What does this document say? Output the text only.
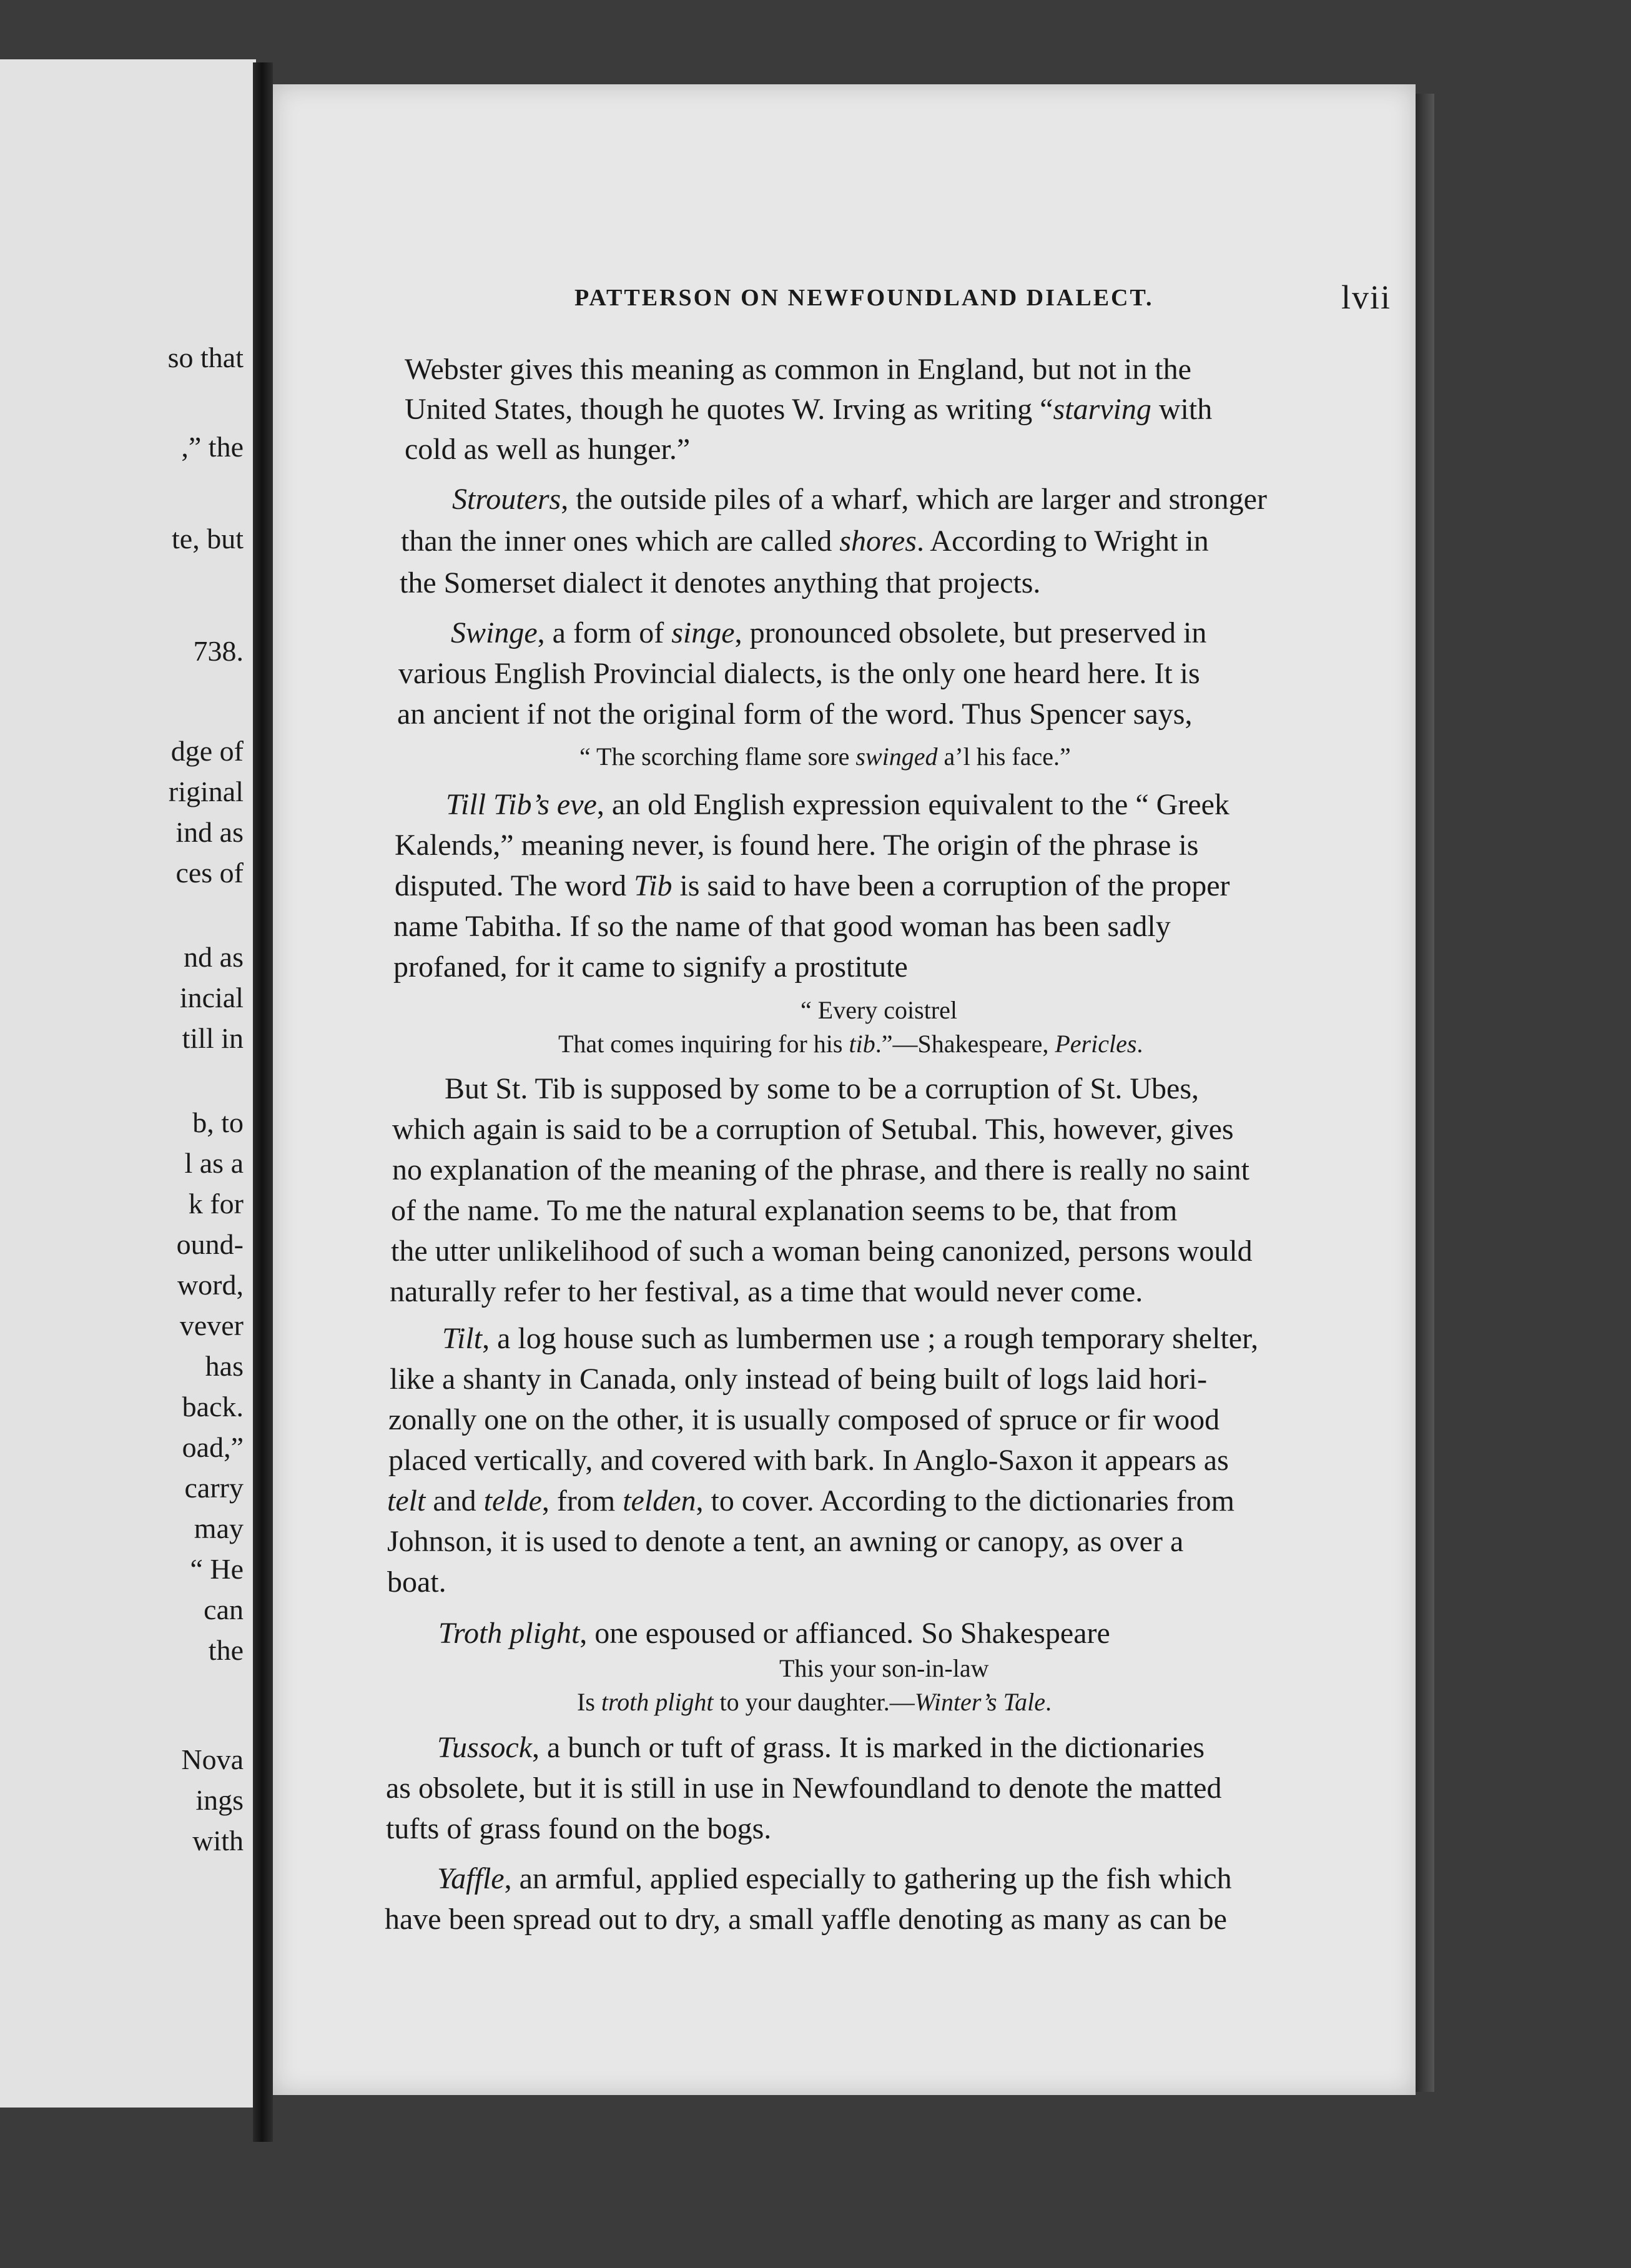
so that
,” the
te, but
738.
dge of
riginal
ind as
ces of
nd as
incial
till in
b, to
l as a
k for
ound-
word,
vever
has
back.
oad,”
carry
may
“ He
can
the
Nova
ings
with
PATTERSON ON NEWFOUNDLAND DIALECT.	lvii
Webster gives this meaning as common in England, but not in the
United States, though he quotes W. Irving as writing “starving with
cold as well as hunger.”
Strouters, the outside piles of a wharf, which are larger and stronger
than the inner ones which are called shores. According to Wright in
the Somerset dialect it denotes anything that projects.
Swinge, a form of singe, pronounced obsolete, but preserved in
various English Provincial dialects, is the only one heard here. It is
an ancient if not the original form of the word. Thus Spencer says,
“ The scorching flame sore swinged a’l his face.”
Till Tib’s eve, an old English expression equivalent to the “ Greek
Kalends,” meaning never, is found here. The origin of the phrase is
disputed. The word Tib is said to have been a corruption of the proper
name Tabitha. If so the name of that good woman has been sadly
profaned, for it came to signify a prostitute
“ Every coistrel
That comes inquiring for his tib.”—Shakespeare, Pericles.
But St. Tib is supposed by some to be a corruption of St. Ubes,
which again is said to be a corruption of Setubal. This, however, gives
no explanation of the meaning of the phrase, and there is really no saint
of the name. To me the natural explanation seems to be, that from
the utter unlikelihood of such a woman being canonized, persons would
naturally refer to her festival, as a time that would never come.
Tilt, a log house such as lumbermen use ; a rough temporary shelter,
like a shanty in Canada, only instead of being built of logs laid hori-
zonally one on the other, it is usually composed of spruce or fir wood
placed vertically, and covered with bark. In Anglo-Saxon it appears as
telt and telde, from telden, to cover. According to the dictionaries from
Johnson, it is used to denote a tent, an awning or canopy, as over a
boat.
Troth plight, one espoused or affianced. So Shakespeare
This your son-in-law
Is troth plight to your daughter.—Winter’s Tale.
Tussock, a bunch or tuft of grass. It is marked in the dictionaries
as obsolete, but it is still in use in Newfoundland to denote the matted
tufts of grass found on the bogs.
Yaffle, an armful, applied especially to gathering up the fish which
have been spread out to dry, a small yaffle denoting as many as can be
